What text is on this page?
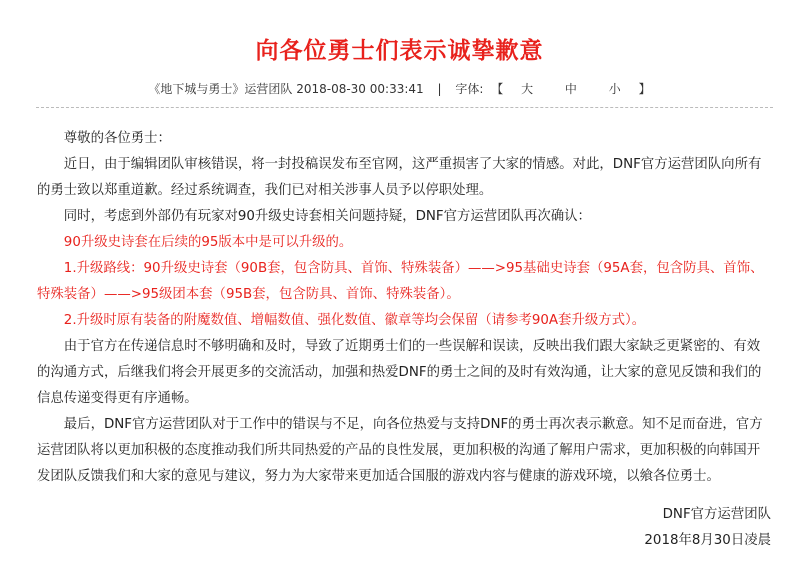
向各位勇士们表示诚挚歉意
《地下城与勇士》运营团队 2018-08-30 00:33:41 | 字体: 【 大	中	小 】

尊敬的各位勇士：

近日，由于编辑团队审核错误，将一封投稿误发布至官网，这严重损害了大家的情感。对此，DNF官方运营团队向所有的勇士致以郑重道歉。经过系统调查，我们已对相关涉事人员予以停职处理。

同时，考虑到外部仍有玩家对90升级史诗套相关问题持疑，DNF官方运营团队再次确认：

90升级史诗套在后续的95版本中是可以升级的。

1.升级路线：90升级史诗套（90B套，包含防具、首饰、特殊装备）——>95基础史诗套（95A套，包含防具、首饰、特殊装备）——>95级团本套（95B套，包含防具、首饰、特殊装备）。

2.升级时原有装备的附魔数值、增幅数值、强化数值、徽章等均会保留（请参考90A套升级方式）。

由于官方在传递信息时不够明确和及时，导致了近期勇士们的一些误解和误读，反映出我们跟大家缺乏更紧密的、有效的沟通方式，后继我们将会开展更多的交流活动，加强和热爱DNF的勇士之间的及时有效沟通，让大家的意见反馈和我们的信息传递变得更有序通畅。

最后，DNF官方运营团队对于工作中的错误与不足，向各位热爱与支持DNF的勇士再次表示歉意。知不足而奋进，官方运营团队将以更加积极的态度推动我们所共同热爱的产品的良性发展，更加积极的沟通了解用户需求，更加积极的向韩国开发团队反馈我们和大家的意见与建议，努力为大家带来更加适合国服的游戏内容与健康的游戏环境，以飨各位勇士。

DNF官方运营团队
2018年8月30日凌晨
